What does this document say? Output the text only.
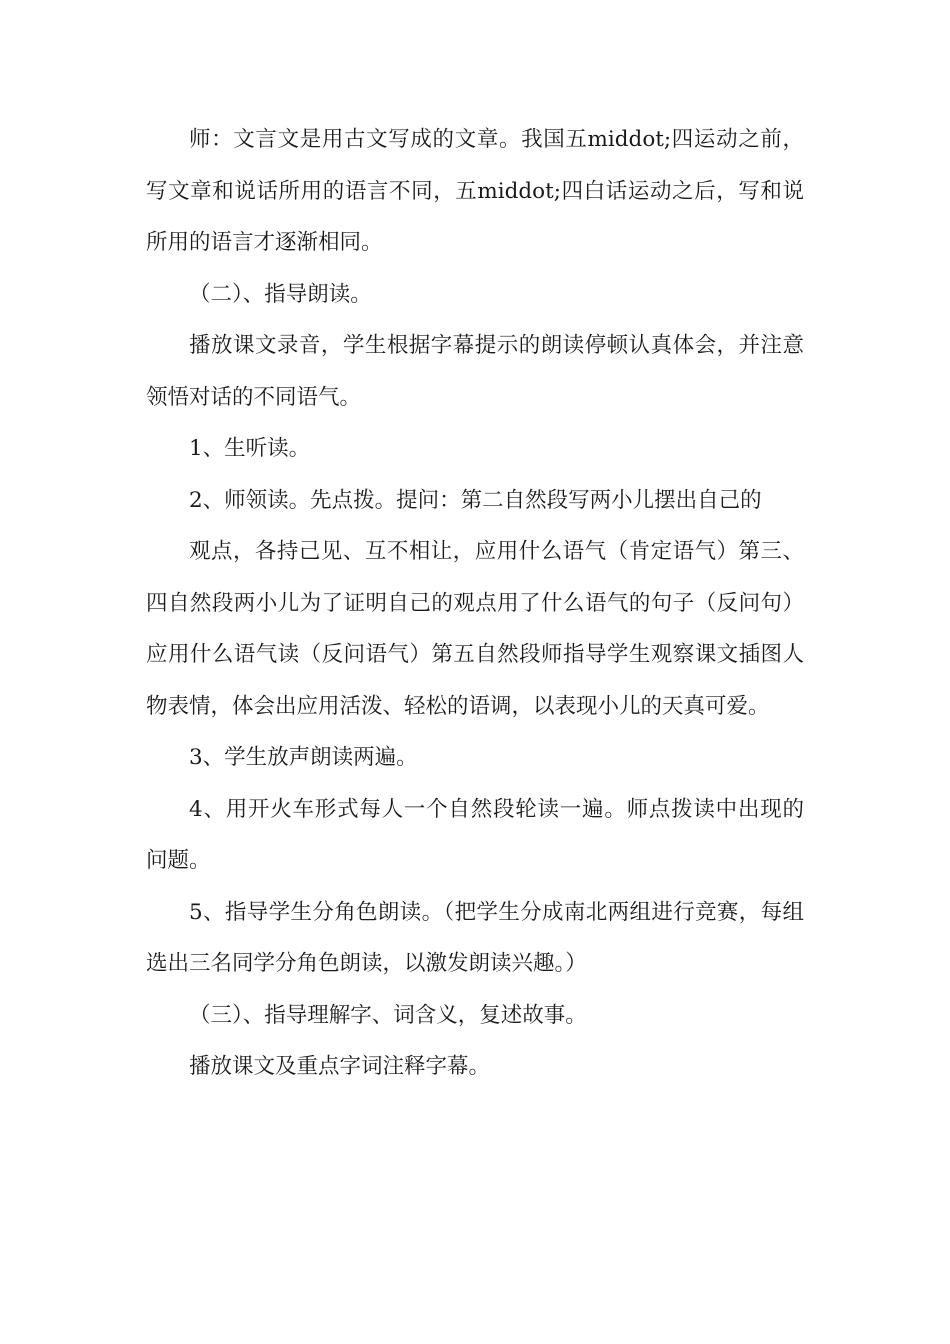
师：文言文是用古文写成的文章。我国五middot;四运动之前，写文章和说话所用的语言不同，五middot;四白话运动之后，写和说所用的语言才逐渐相同。

（二）、指导朗读。

播放课文录音，学生根据字幕提示的朗读停顿认真体会，并注意领悟对话的不同语气。

1、生听读。

2、师领读。先点拨。提问：第二自然段写两小儿摆出自己的

观点，各持己见、互不相让，应用什么语气（肯定语气）第三、四自然段两小儿为了证明自己的观点用了什么语气的句子（反问句）应用什么语气读（反问语气）第五自然段师指导学生观察课文插图人物表情，体会出应用活泼、轻松的语调，以表现小儿的天真可爱。

3、学生放声朗读两遍。

4、用开火车形式每人一个自然段轮读一遍。师点拨读中出现的问题。

5、指导学生分角色朗读。（把学生分成南北两组进行竞赛，每组选出三名同学分角色朗读，以激发朗读兴趣。）

（三）、指导理解字、词含义，复述故事。

播放课文及重点字词注释字幕。
